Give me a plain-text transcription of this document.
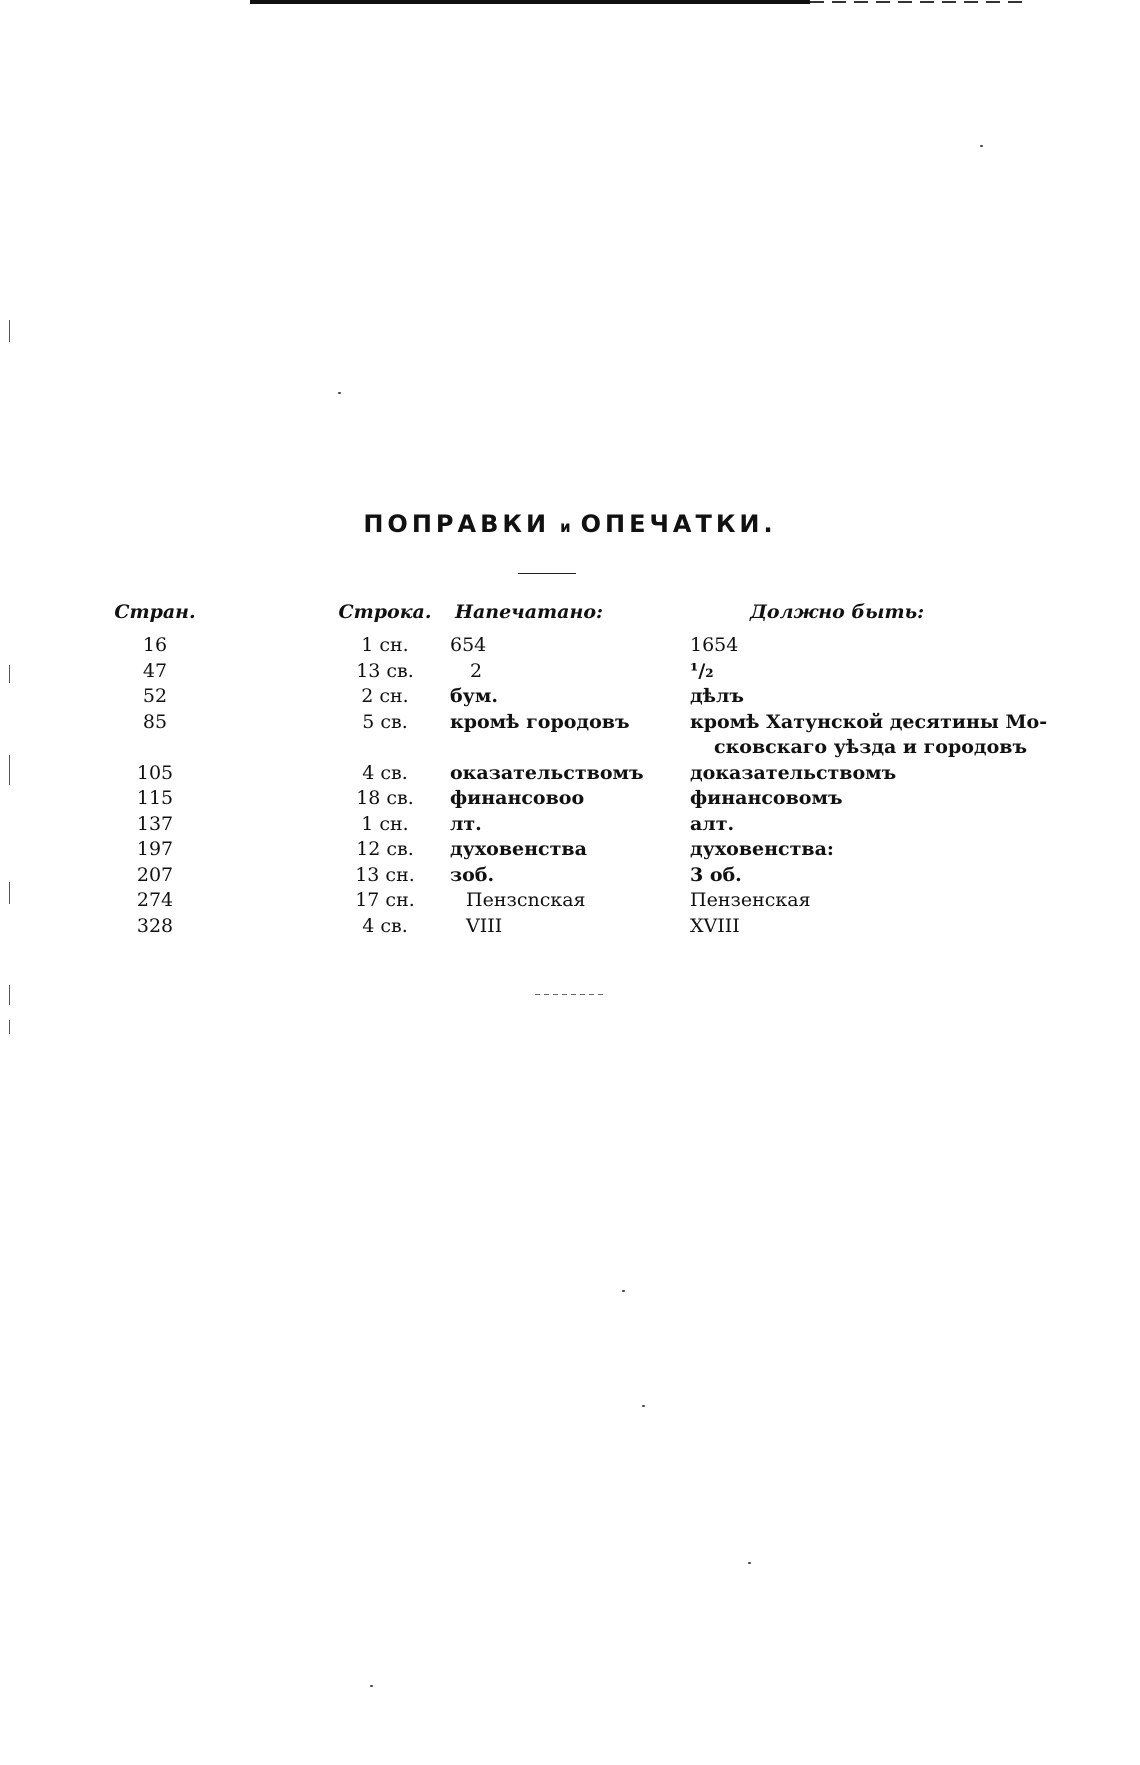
ПОПРАВКИ и ОПЕЧАТКИ.
Стран.	Строка.	Напечатано:	Должно быть:
16	1 сн.	654	1654
47	13 св.	2	¹/₂
52	2 сн.	бум.	дѣлъ
85	5 св.	кромѣ городовъ	кромѣ Хатунской десятины Мо-
сковскаго уѣзда и городовъ
105	4 св.	оказательствомъ	доказательствомъ
115	18 св.	финансовоо	финансовомъ
137	1 сн.	лт.	алт.
197	12 св.	духовенства	духовенства:
207	13 сн.	зоб.	3 об.
274	17 сн.	Пензсnская	Пензенская
328	4 св.	VIII	XVIII
